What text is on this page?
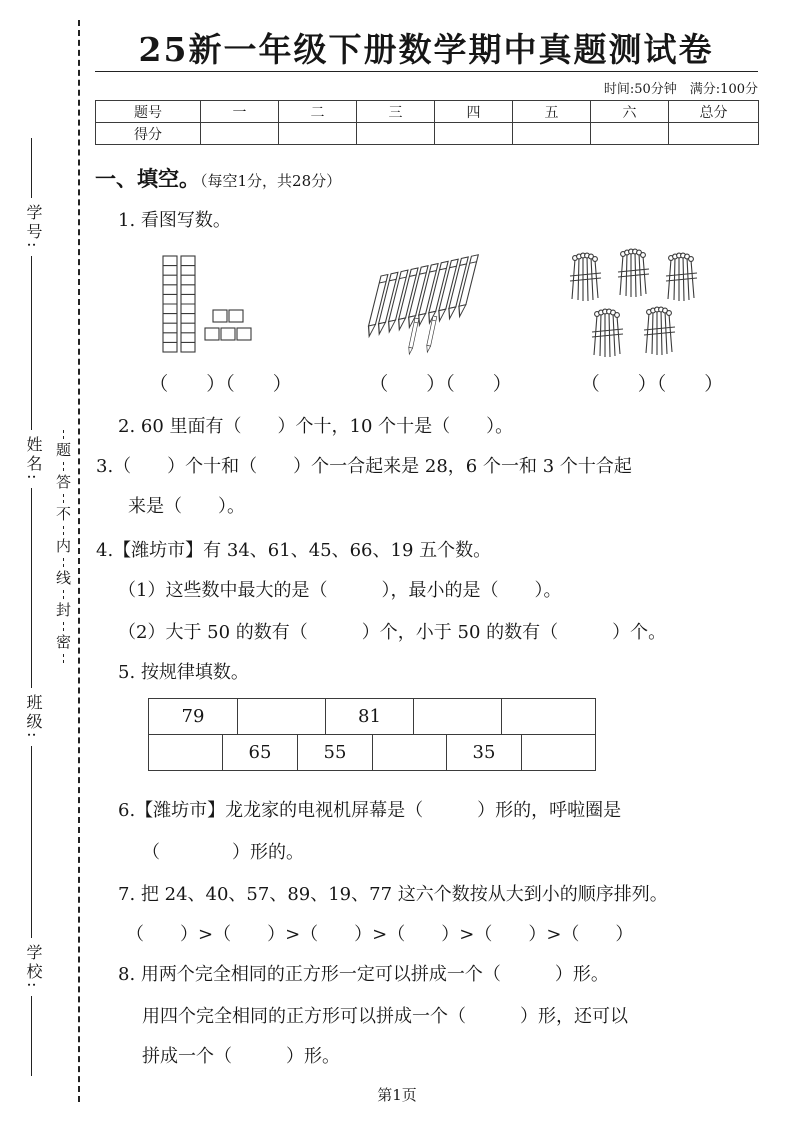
学号:
姓名:
班级:
学校:
题
答
不
内
线
封
密
25新一年级下册数学期中真题测试卷
时间:50分钟　满分:100分
题号	一	二	三	四	五	六	总分
得分							
一、填空。（每空1分，共28分）
1. 看图写数。
（　　）（　　）	（　　）（　　）	（　　）（　　）
2. 60 里面有（　　）个十，10 个十是（　　）。
3.（　　）个十和（　　）个一合起来是 28，6 个一和 3 个十合起
来是（　　）。
4.【潍坊市】有 34、61、45、66、19 五个数。
（1）这些数中最大的是（　　　），最小的是（　　）。
（2）大于 50 的数有（　　　）个，小于 50 的数有（　　　）个。
5. 按规律填数。
79		81		
	65	55		35	
6.【潍坊市】龙龙家的电视机屏幕是（　　　）形的，呼啦圈是
（　　　　）形的。
7. 把 24、40、57、89、19、77 这六个数按从大到小的顺序排列。
（　　）>（　　）>（　　）>（　　）>（　　）>（　　）
8. 用两个完全相同的正方形一定可以拼成一个（　　　）形。
用四个完全相同的正方形可以拼成一个（　　　）形，还可以
拼成一个（　　　）形。
第1页
